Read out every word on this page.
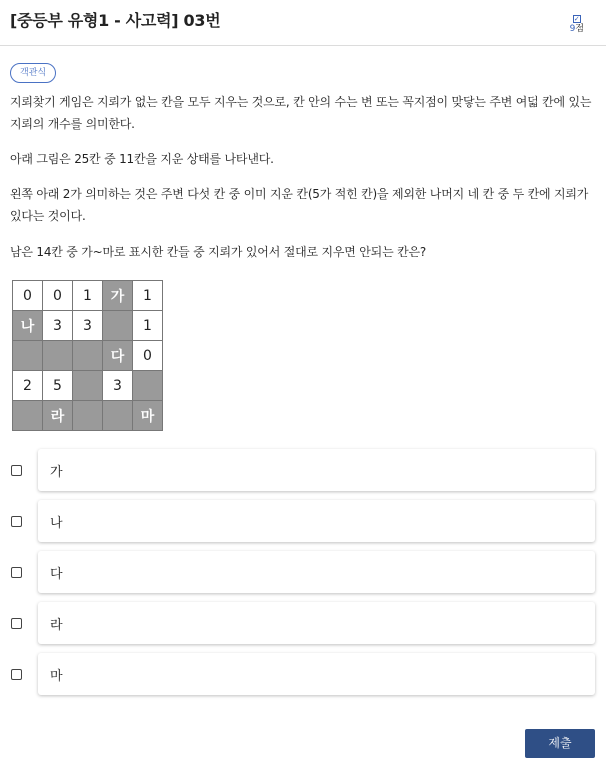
[중등부 유형1 - 사고력] 03번	✓
9점
객관식
지뢰찾기 게임은 지뢰가 없는 칸을 모두 지우는 것으로, 칸 안의 수는 변 또는 꼭지점이 맞닿는 주변 여덟 칸에 있는 지뢰의 개수를 의미한다.
아래 그림은 25칸 중 11칸을 지운 상태를 나타낸다.
왼쪽 아래 2가 의미하는 것은 주변 다섯 칸 중 이미 지운 칸(5가 적힌 칸)을 제외한 나머지 네 칸 중 두 칸에 지뢰가 있다는 것이다.
남은 14칸 중 가~마로 표시한 칸들 중 지뢰가 있어서 절대로 지우면 안되는 칸은?
0	0	1	가	1
나	3	3		1
			다	0
2	5		3	
	라			마
가
나
다
라
마
제출
